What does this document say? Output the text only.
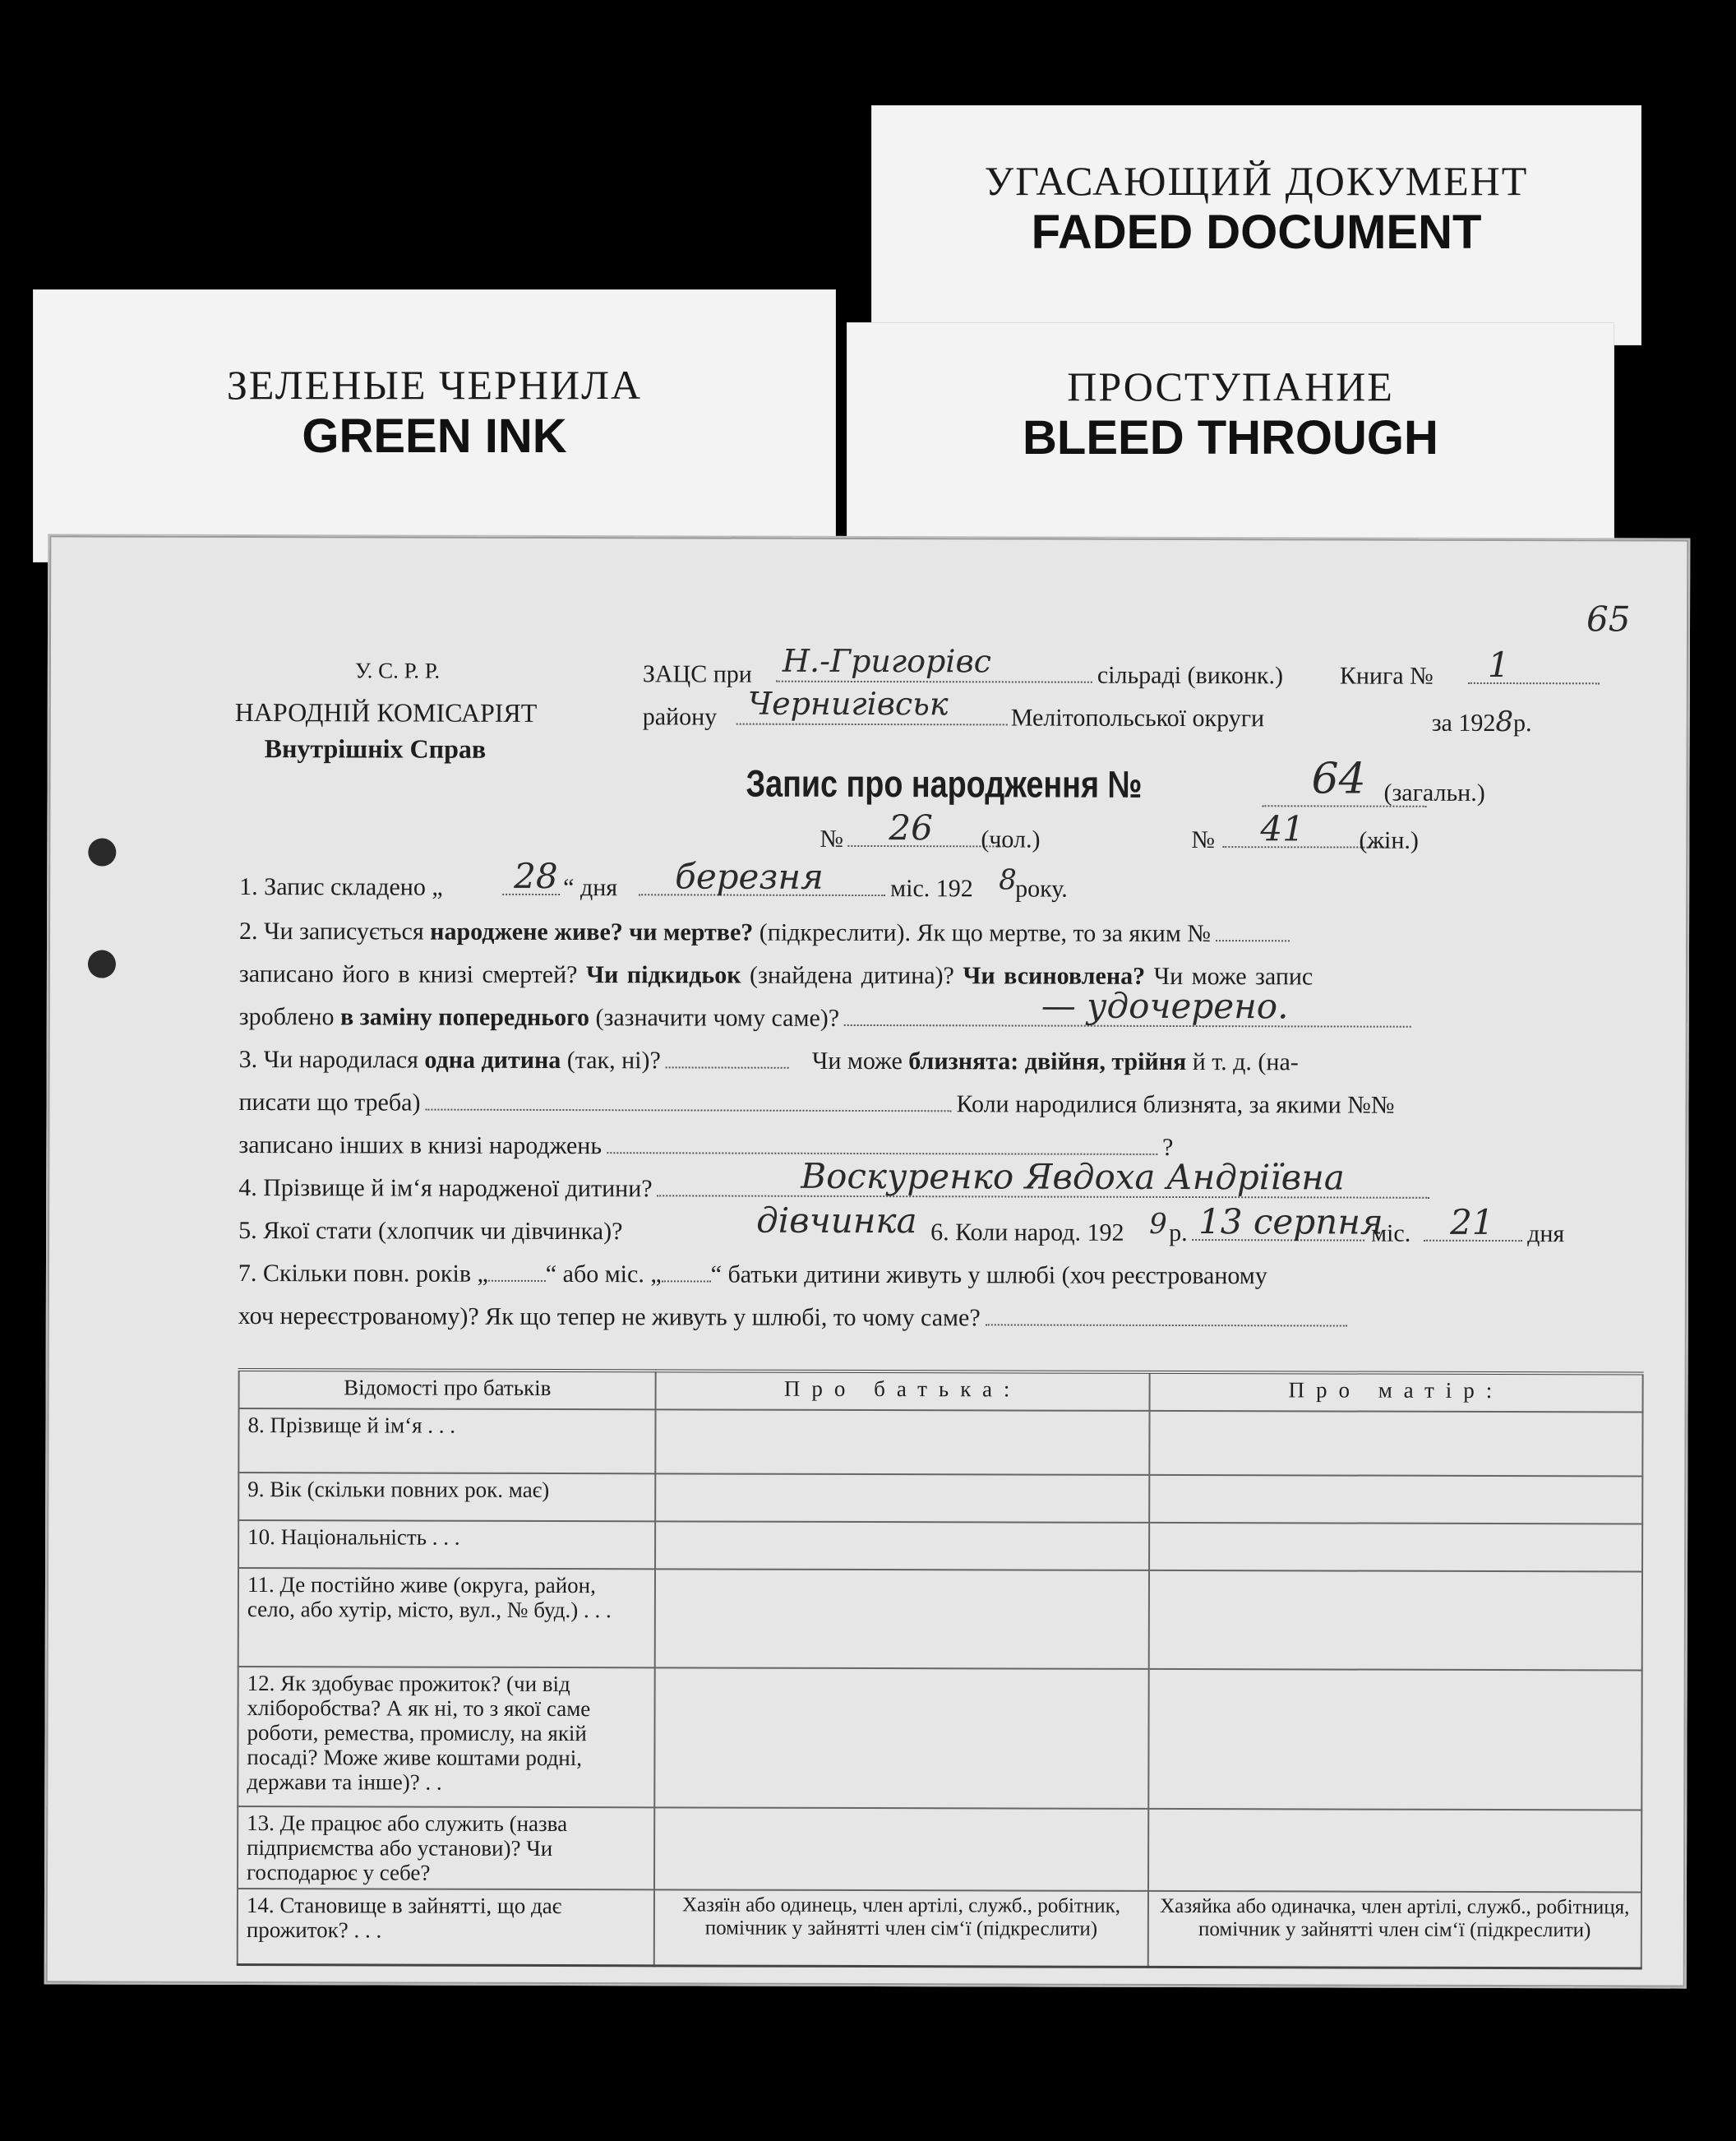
УГАСАЮЩИЙ ДОКУМЕНТ
FADED DOCUMENT
ПРОСТУПАНИЕ
BLEED THROUGH
ЗЕЛЕНЫЕ ЧЕРНИЛА
GREEN INK
У. С. Р. Р.
НАРОДНІЙ КОМІСАРІЯТ
Внутрішніх Справ
ЗАЦС при Н.-Григорівс	сільраді (виконк.) Книга № 1
65
району Чернигівськ	Мелітопольської округи	за 1928р.
Запис про народження №	64 (загальн.)
№ 26 (чол.)	№ 41 (жін.)
1. Запис складено „ 28 “ дня березня	міс. 192 8
року.
2. Чи записується народжене живе? чи мертве? (підкреслити). Як що мертве, то за яким №
записано його в книзі смертей? Чи підкидьок (знайдена дитина)? Чи всиновлена? Чи може запис
зроблено в заміну попереднього (зазначити чому саме)?	— удочерено.
3. Чи народилася одна дитина (так, ні)?	Чи може близнята: двійня, трійня й т. д. (на-
писати що треба)	Коли народилися близнята, за якими №№
записано інших в книзі народжень	?
4. Прізвище й ім‘я народженої дитини?	Воскуренко Явдоха Андріївна
5. Якої стати (хлопчик чи дівчинка)?	дівчинка 6. Коли народ. 192 9 р. 13 серпня
міс. 21 дня
7. Скільки повн. років „ “ або міс. „ “ батьки дитини живуть у шлюбі (хоч реєстрованому
хоч нереєстрованому)? Як що тепер не живуть у шлюбі, то чому саме?
Відомості про батьків	Про батька:	Про матір:
8. Прізвище й ім‘я . . .		
9. Вік (скільки повних рок. має)		
10. Національність . . .		
11. Де постійно живе (округа, район, село, або хутір, місто, вул., № буд.) . . .		
12. Як здобуває прожиток? (чи від хліборобства? А як ні, то з якої саме роботи, ремества, промислу, на якій посаді? Може живе коштами родні, держави та інше)? . .		
13. Де працює або служить (назва підприємства або установи)? Чи господарює у себе?		
14. Становище в зайнятті, що дає прожиток? . . .	Хазяїн або одинець, член артілі, служб., робітник, помічник у зайнятті член сім‘ї (підкреслити)	Хазяйка або одиначка, член артілі, служб., робітниця, помічник у зайнятті член сім‘ї (підкреслити)
